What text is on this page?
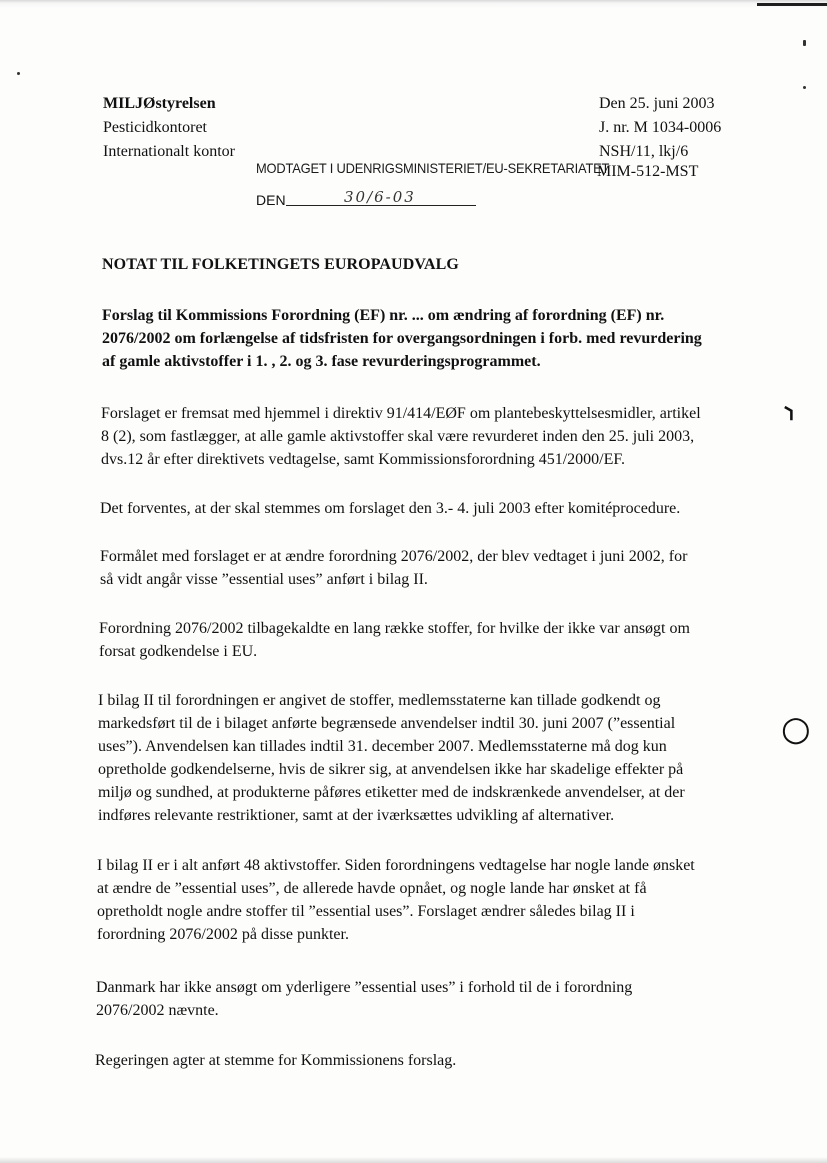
⸃
○
MILJØstyrelsen
Pesticidkontoret
Internationalt kontor
Den 25. juni 2003
J. nr. M 1034-0006
NSH/11, lkj/6
MODTAGET I UDENRIGSMINISTERIET/EU-SEKRETARIATET
MIM-512-MST
DEN	30/6-03
NOTAT TIL FOLKETINGETS EUROPAUDVALG
Forslag til Kommissions Forordning (EF) nr. ... om ændring af forordning (EF) nr.
2076/2002 om forlængelse af tidsfristen for overgangsordningen i forb. med revurdering
af gamle aktivstoffer i 1. , 2. og 3. fase revurderingsprogrammet.
Forslaget er fremsat med hjemmel i direktiv 91/414/EØF om plantebeskyttelsesmidler, artikel
8 (2), som fastlægger, at alle gamle aktivstoffer skal være revurderet inden den 25. juli 2003,
dvs.12 år efter direktivets vedtagelse, samt Kommissionsforordning 451/2000/EF.
Det forventes, at der skal stemmes om forslaget den 3.- 4. juli 2003 efter komitéprocedure.
Formålet med forslaget er at ændre forordning 2076/2002, der blev vedtaget i juni 2002, for
så vidt angår visse ”essential uses” anført i bilag II.
Forordning 2076/2002 tilbagekaldte en lang række stoffer, for hvilke der ikke var ansøgt om
forsat godkendelse i EU.
I bilag II til forordningen er angivet de stoffer, medlemsstaterne kan tillade godkendt og
markedsført til de i bilaget anførte begrænsede anvendelser indtil 30. juni 2007 (”essential
uses”). Anvendelsen kan tillades indtil 31. december 2007. Medlemsstaterne må dog kun
opretholde godkendelserne, hvis de sikrer sig, at anvendelsen ikke har skadelige effekter på
miljø og sundhed, at produkterne påføres etiketter med de indskrænkede anvendelser, at der
indføres relevante restriktioner, samt at der iværksættes udvikling af alternativer.
I bilag II er i alt anført 48 aktivstoffer. Siden forordningens vedtagelse har nogle lande ønsket
at ændre de ”essential uses”, de allerede havde opnået, og nogle lande har ønsket at få
opretholdt nogle andre stoffer til ”essential uses”. Forslaget ændrer således bilag II i
forordning 2076/2002 på disse punkter.
Danmark har ikke ansøgt om yderligere ”essential uses” i forhold til de i forordning
2076/2002 nævnte.
Regeringen agter at stemme for Kommissionens forslag.
